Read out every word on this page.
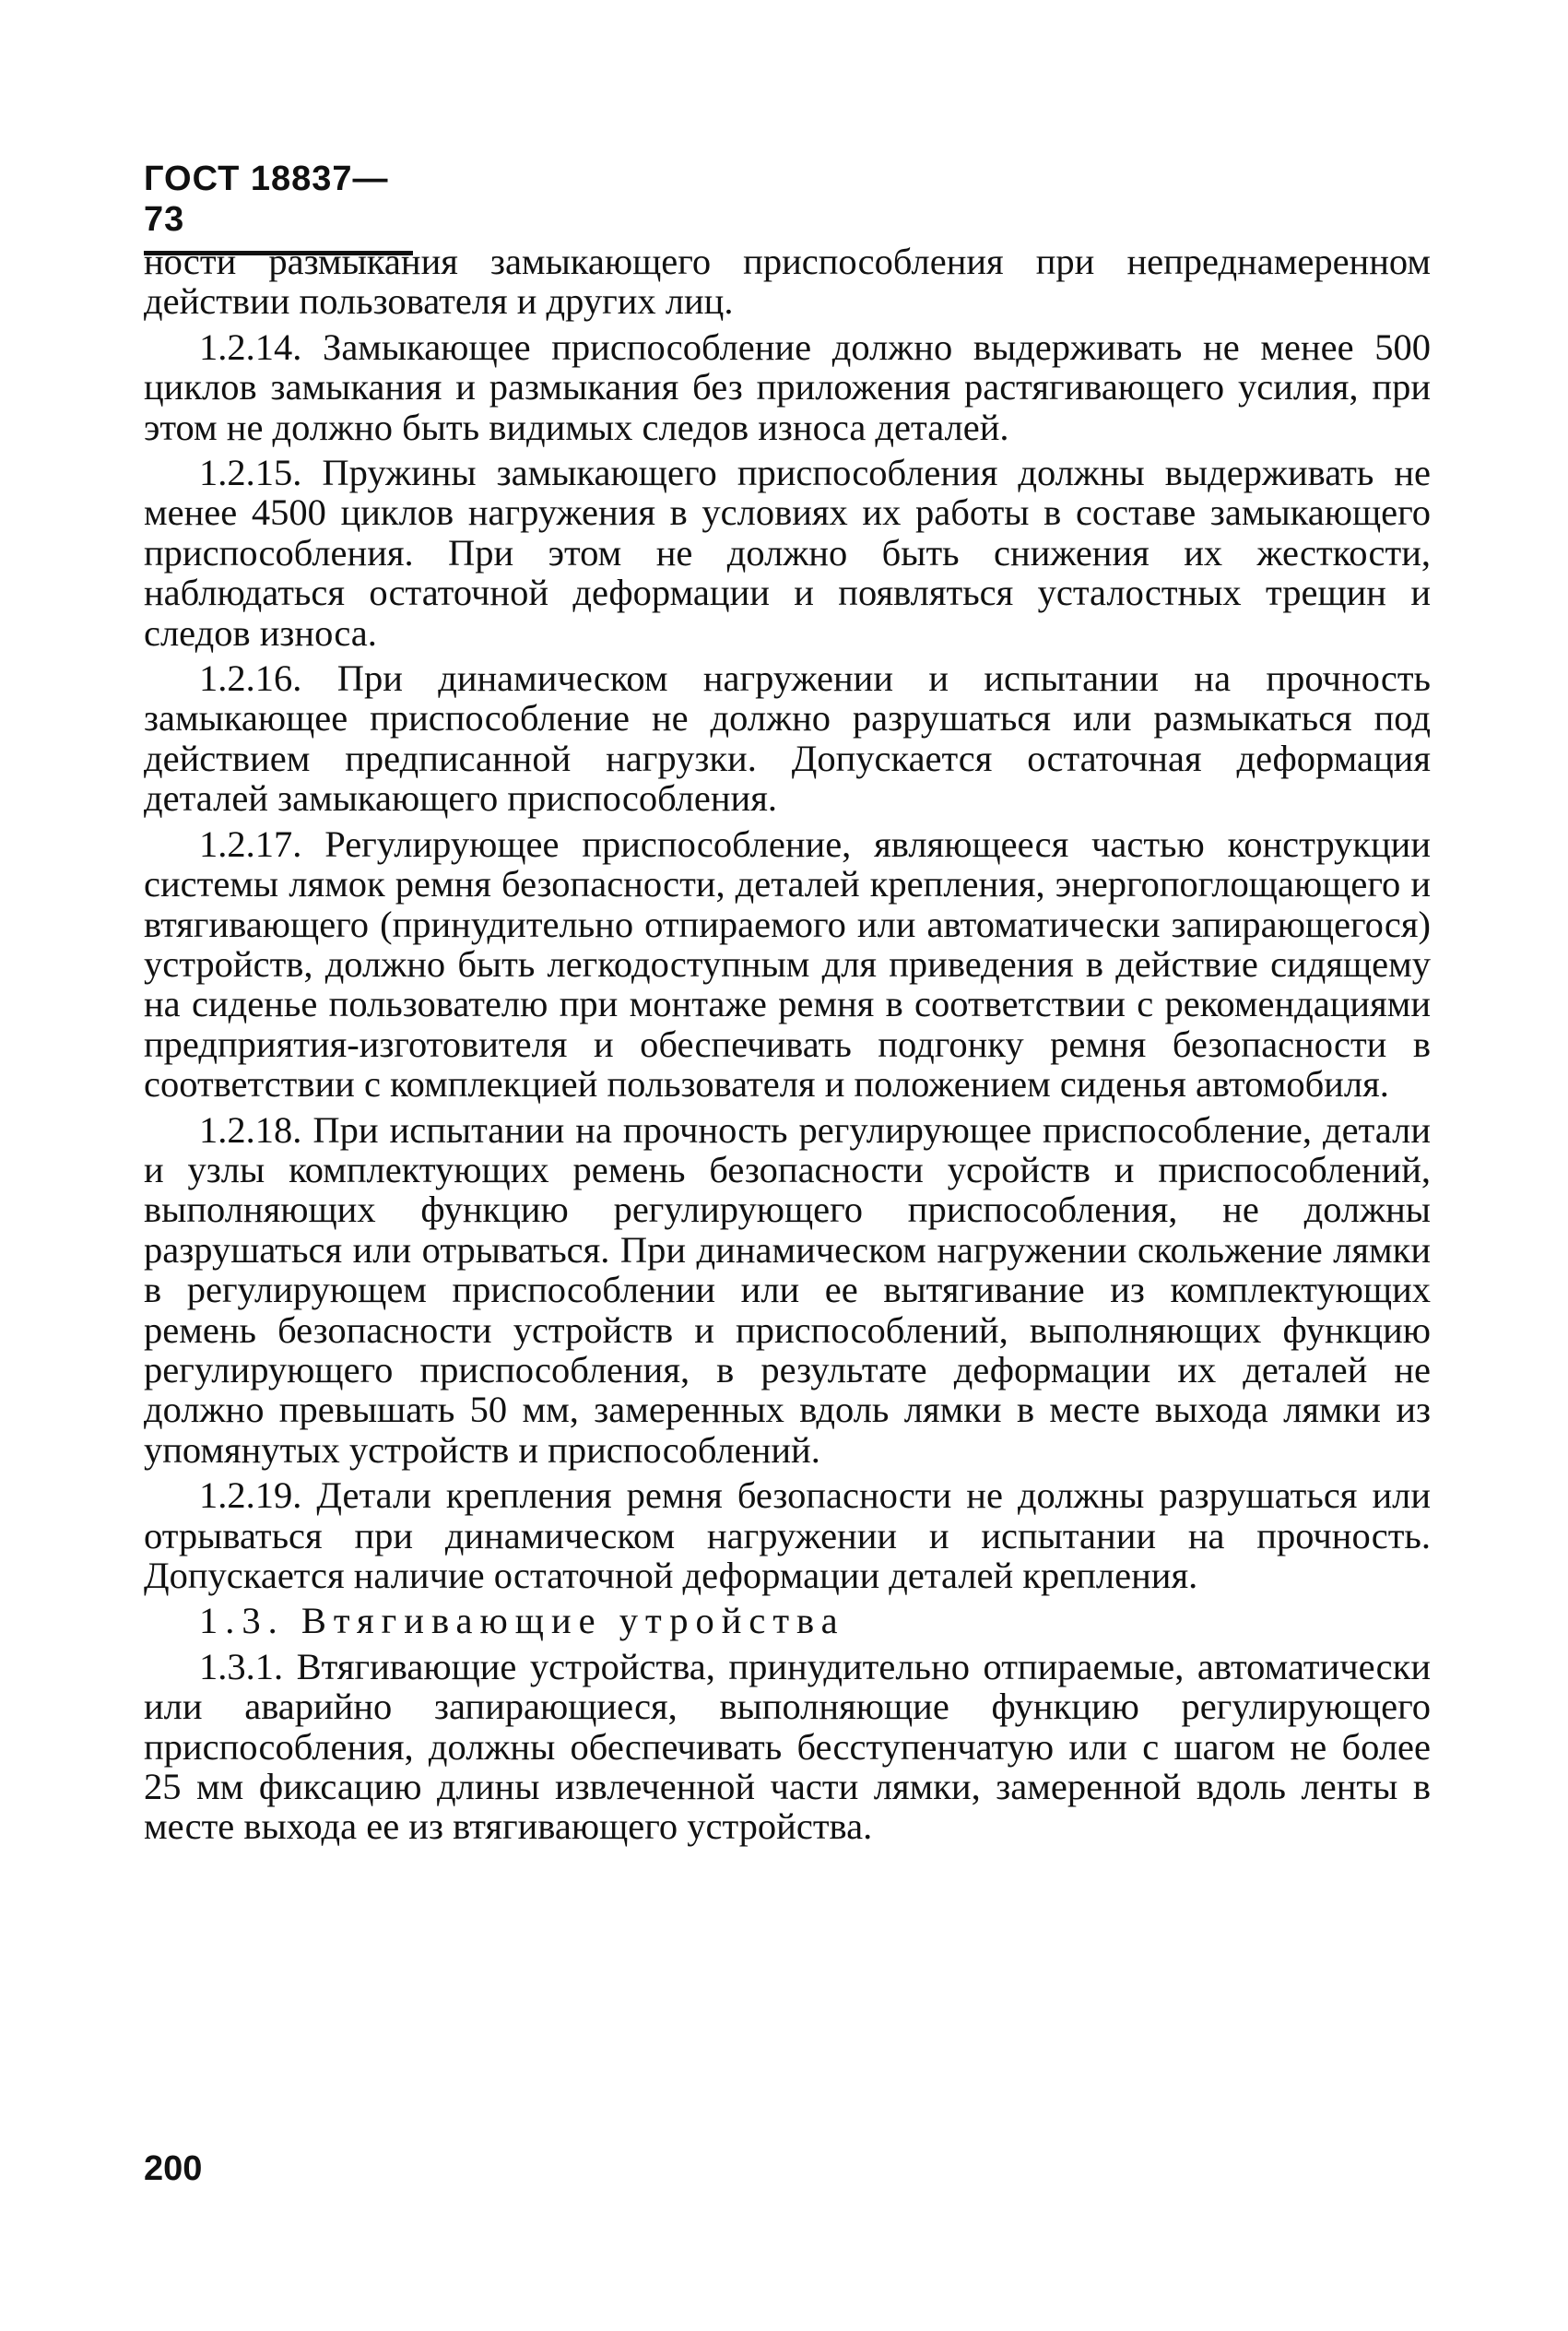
ГОСТ 18837—73

ности размыкания замыкающего приспособления при непреднамеренном действии пользователя и других лиц.

1.2.14. Замыкающее приспособление должно выдерживать не менее 500 циклов замыкания и размыкания без приложения растягивающего усилия, при этом не должно быть видимых следов износа деталей.

1.2.15. Пружины замыкающего приспособления должны выдерживать не менее 4500 циклов нагружения в условиях их работы в составе замыкающего приспособления. При этом не должно быть снижения их жесткости, наблюдаться остаточной деформации и появляться усталостных трещин и следов износа.

1.2.16. При динамическом нагружении и испытании на прочность замыкающее приспособление не должно разрушаться или размыкаться под действием предписанной нагрузки. Допускается остаточная деформация деталей замыкающего приспособления.

1.2.17. Регулирующее приспособление, являющееся частью конструкции системы лямок ремня безопасности, деталей крепления, энергопоглощающего и втягивающего (принудительно отпираемого или автоматически запирающегося) устройств, должно быть легкодоступным для приведения в действие сидящему на сиденье пользователю при монтаже ремня в соответствии с рекомендациями предприятия-изготовителя и обеспечивать подгонку ремня безопасности в соответствии с комплекцией пользователя и положением сиденья автомобиля.

1.2.18. При испытании на прочность регулирующее приспособление, детали и узлы комплектующих ремень безопасности усройств и приспособлений, выполняющих функцию регулирующего приспособления, не должны разрушаться или отрываться. При динамическом нагружении скольжение лямки в регулирующем приспособлении или ее вытягивание из комплектующих ремень безопасности устройств и приспособлений, выполняющих функцию регулирующего приспособления, в результате деформации их деталей не должно превышать 50 мм, замеренных вдоль лямки в месте выхода лямки из упомянутых устройств и приспособлений.

1.2.19. Детали крепления ремня безопасности не должны разрушаться или отрываться при динамическом нагружении и испытании на прочность. Допускается наличие остаточной деформации деталей крепления.

1.3. Втягивающие утройства

1.3.1. Втягивающие устройства, принудительно отпираемые, автоматически или аварийно запирающиеся, выполняющие функцию регулирующего приспособления, должны обеспечивать бесступенчатую или с шагом не более 25 мм фиксацию длины извлеченной части лямки, замеренной вдоль ленты в месте выхода ее из втягивающего устройства.

200
